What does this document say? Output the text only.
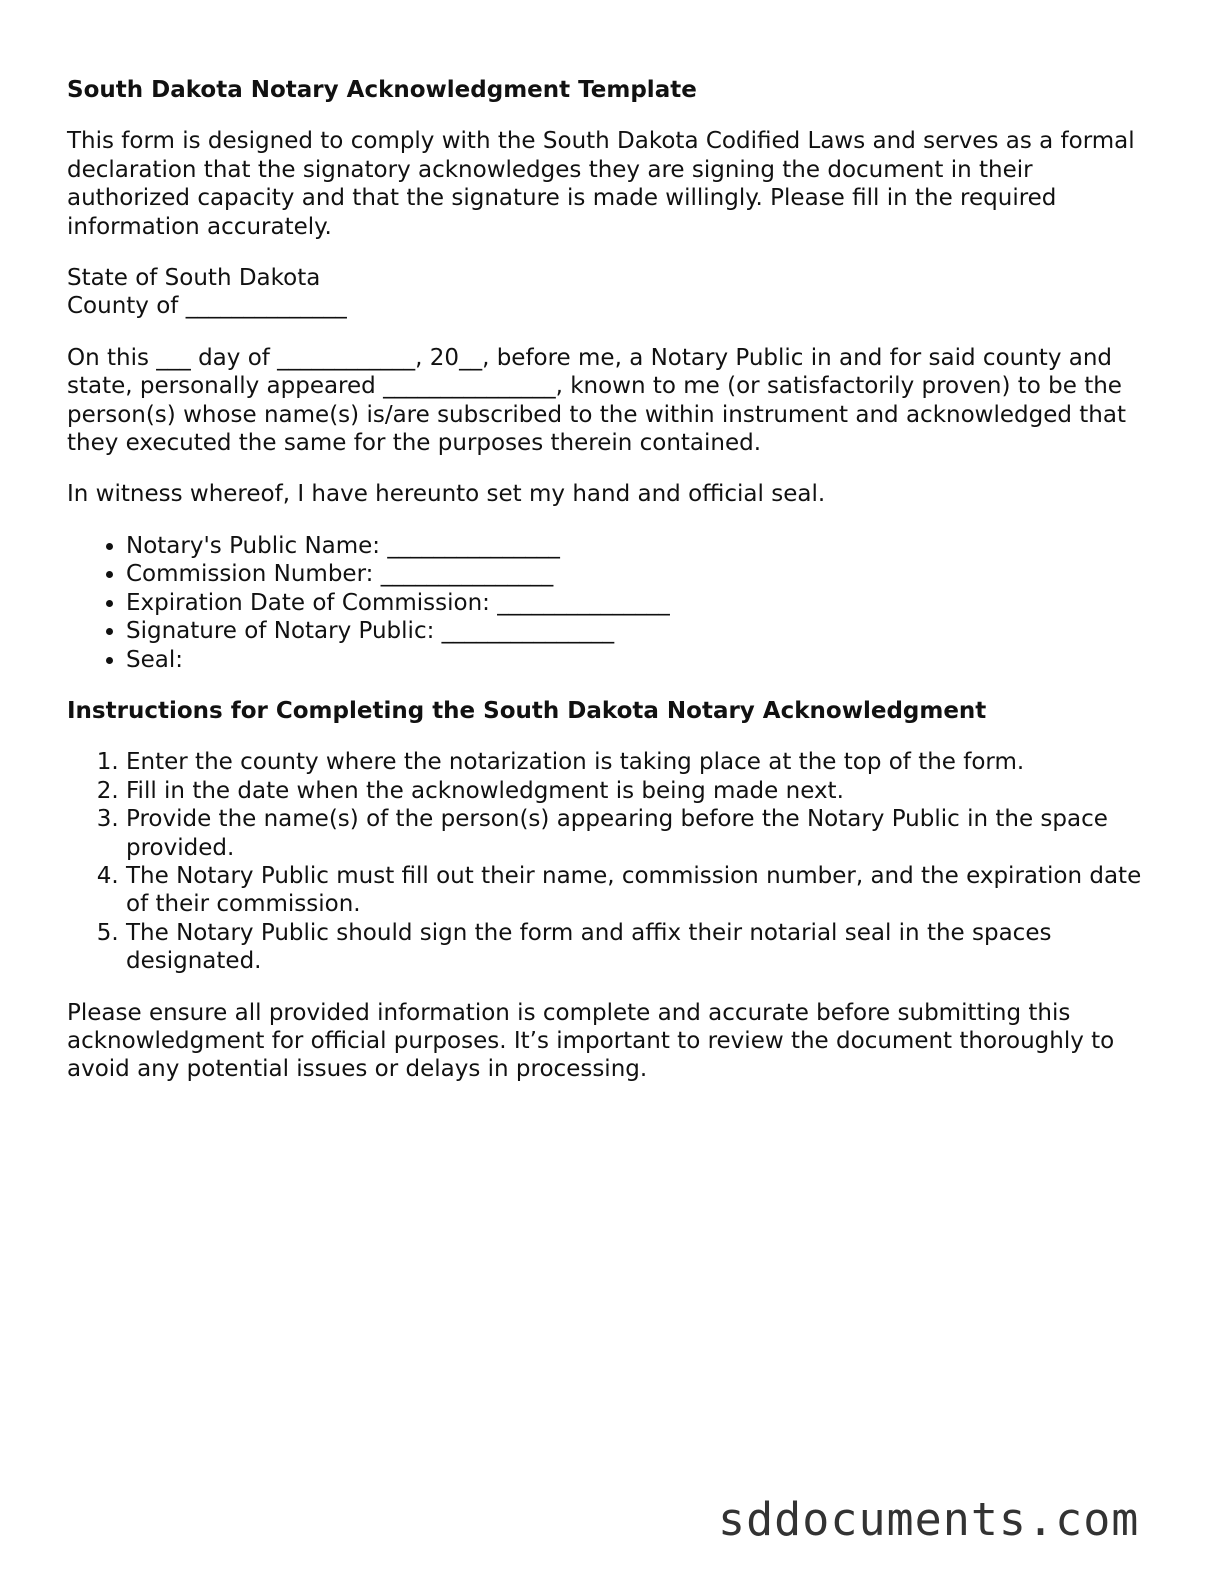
South Dakota Notary Acknowledgment Template

This form is designed to comply with the South Dakota Codified Laws and serves as a formal declaration that the signatory acknowledges they are signing the document in their authorized capacity and that the signature is made willingly. Please fill in the required information accurately.

State of South Dakota
County of ______________

On this ___ day of ____________, 20__, before me, a Notary Public in and for said county and state, personally appeared _______________, known to me (or satisfactorily proven) to be the person(s) whose name(s) is/are subscribed to the within instrument and acknowledged that they executed the same for the purposes therein contained.

In witness whereof, I have hereunto set my hand and official seal.

• Notary's Public Name: _______________
• Commission Number: _______________
• Expiration Date of Commission: _______________
• Signature of Notary Public: _______________
• Seal:
Instructions for Completing the South Dakota Notary Acknowledgment
1. Enter the county where the notarization is taking place at the top of the form.
2. Fill in the date when the acknowledgment is being made next.
3. Provide the name(s) of the person(s) appearing before the Notary Public in the space provided.
4. The Notary Public must fill out their name, commission number, and the expiration date of their commission.
5. The Notary Public should sign the form and affix their notarial seal in the spaces designated.

Please ensure all provided information is complete and accurate before submitting this acknowledgment for official purposes. It’s important to review the document thoroughly to avoid any potential issues or delays in processing.

sddocuments.com
